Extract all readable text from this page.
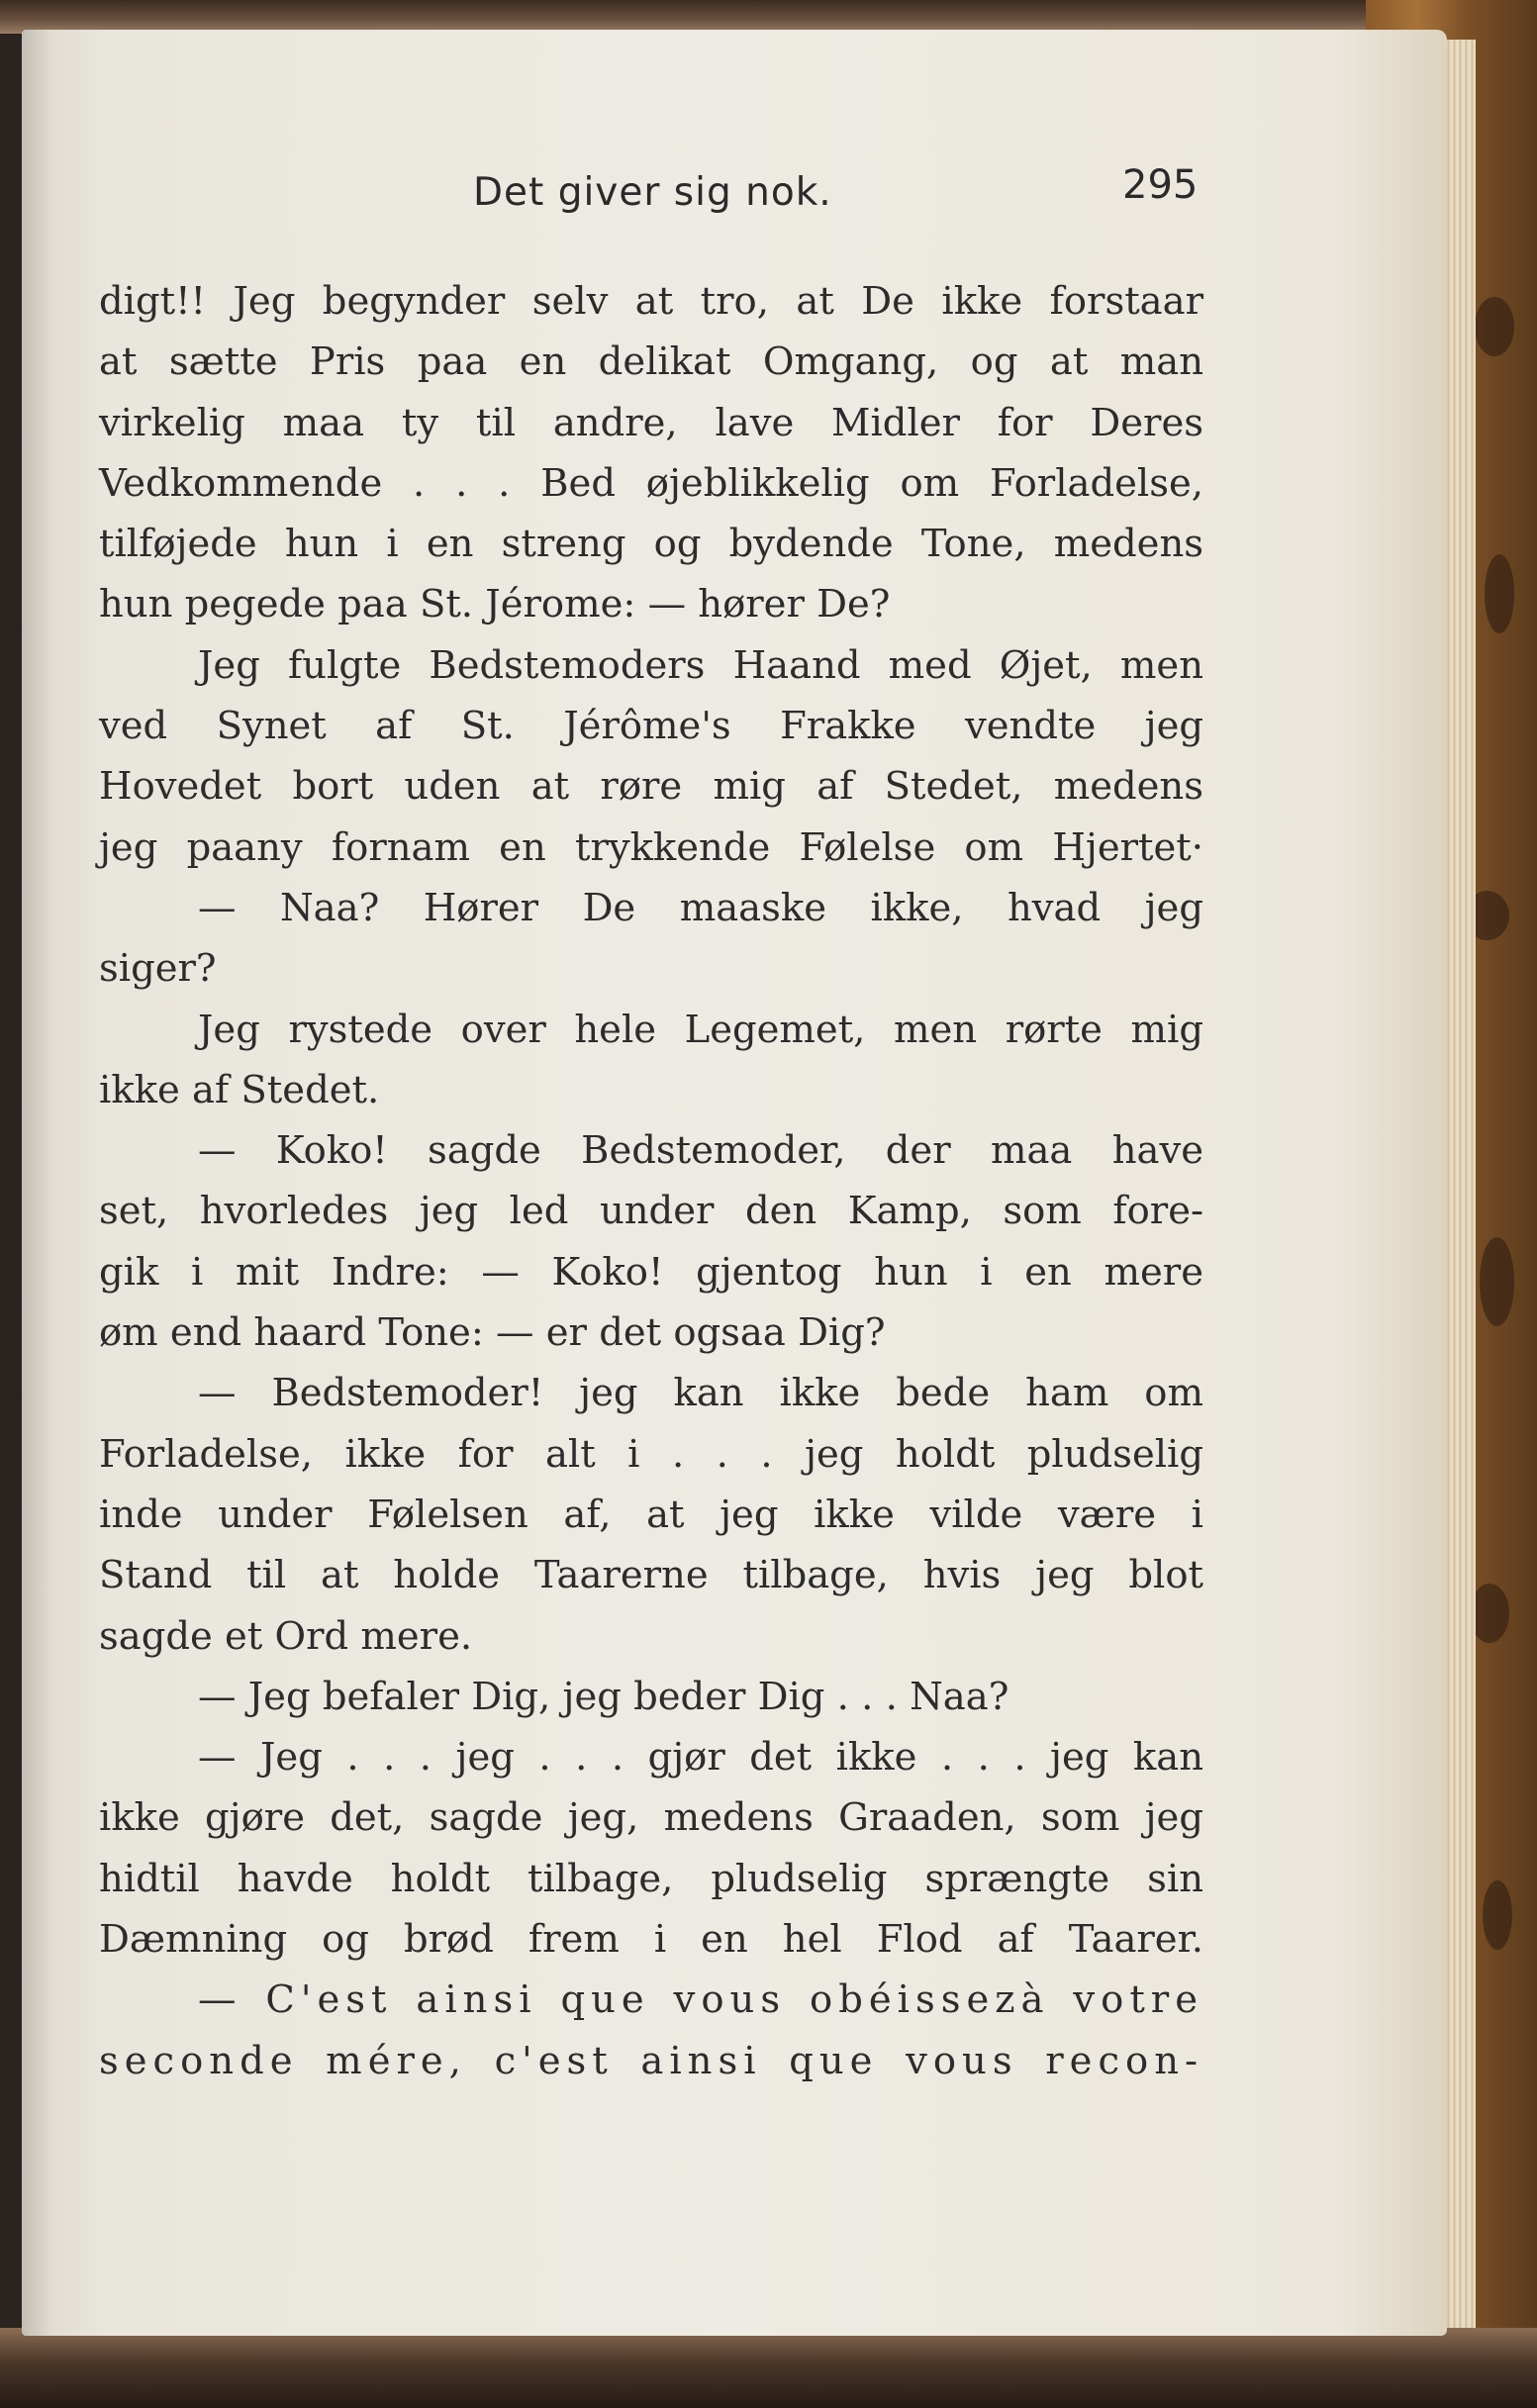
Det giver sig nok.	295
digt!! Jeg begynder selv at tro, at De ikke forstaar
at sætte Pris paa en delikat Omgang, og at man
virkelig maa ty til andre, lave Midler for Deres
Vedkommende . . . Bed øjeblikkelig om Forladelse,
tilføjede hun i en streng og bydende Tone, medens
hun pegede paa St. Jérome: — hører De?
Jeg fulgte Bedstemoders Haand med Øjet, men
ved Synet af St. Jérôme's Frakke vendte jeg
Hovedet bort uden at røre mig af Stedet, medens
jeg paany fornam en trykkende Følelse om Hjertet·
— Naa? Hører De maaske ikke, hvad jeg
siger?
Jeg rystede over hele Legemet, men rørte mig
ikke af Stedet.
— Koko! sagde Bedstemoder, der maa have
set, hvorledes jeg led under den Kamp, som fore-
gik i mit Indre: — Koko! gjentog hun i en mere
øm end haard Tone: — er det ogsaa Dig?
— Bedstemoder! jeg kan ikke bede ham om
Forladelse, ikke for alt i . . . jeg holdt pludselig
inde under Følelsen af, at jeg ikke vilde være i
Stand til at holde Taarerne tilbage, hvis jeg blot
sagde et Ord mere.
— Jeg befaler Dig, jeg beder Dig . . . Naa?
— Jeg . . . jeg . . . gjør det ikke . . . jeg kan
ikke gjøre det, sagde jeg, medens Graaden, som jeg
hidtil havde holdt tilbage, pludselig sprængte sin
Dæmning og brød frem i en hel Flod af Taarer.
— C'est ainsi que vous obéissezà votre
seconde mére, c'est ainsi que vous recon-
